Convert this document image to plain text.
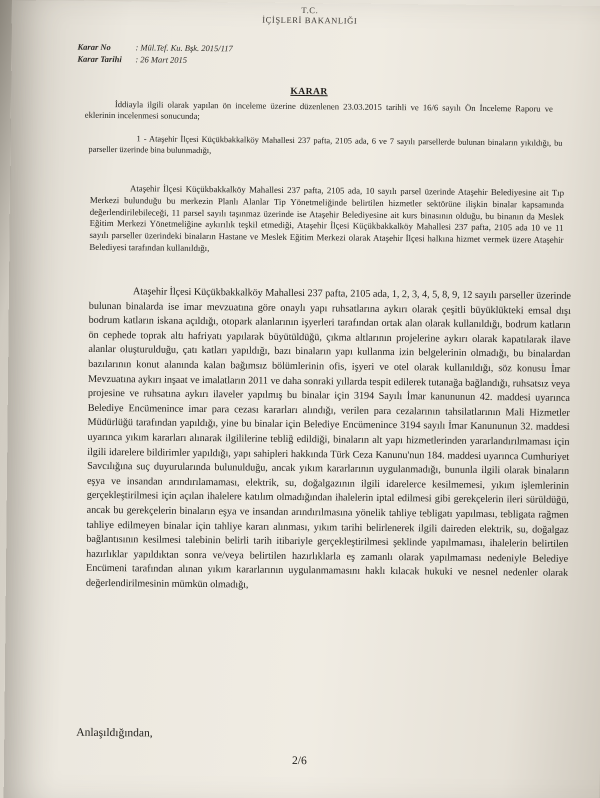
T.C.
İÇİŞLERİ BAKANLIĞI
Karar No	: Mül.Tef. Ku. Bşk. 2015/117
Karar Tarihi : 26 Mart 2015
KARAR
İddiayla ilgili olarak yapılan ön inceleme üzerine düzenlenen 23.03.2015 tarihli ve 16/6 sayılı Ön İnceleme Raporu ve eklerinin incelenmesi sonucunda;
1 - Ataşehir İlçesi Küçükbakkalköy Mahallesi 237 pafta, 2105 ada, 6 ve 7 sayılı parsellerde bulunan binaların yıkıldığı, bu parseller üzerinde bina bulunmadığı,
Ataşehir İlçesi Küçükbakkalköy Mahallesi 237 pafta, 2105 ada, 10 sayılı parsel üzerinde Ataşehir Belediyesine ait Tıp Merkezi bulunduğu bu merkezin Planlı Alanlar Tip Yönetmeliğinde belirtilen hizmetler sektörüne ilişkin binalar kapsamında değerlendirilebileceği, 11 parsel sayılı taşınmaz üzerinde ise Ataşehir Belediyesine ait kurs binasının olduğu, bu binanın da Meslek Eğitim Merkezi Yönetmeliğine aykırılık teşkil etmediği, Ataşehir İlçesi Küçükbakkalköy Mahallesi 237 pafta, 2105 ada 10 ve 11 sayılı parseller üzerindeki binaların Hastane ve Meslek Eğitim Merkezi olarak Ataşehir İlçesi halkına hizmet vermek üzere Ataşehir Belediyesi tarafından kullanıldığı,
Ataşehir İlçesi Küçükbakkalköy Mahallesi 237 pafta, 2105 ada, 1, 2, 3, 4, 5, 8, 9, 12 sayılı parseller üzerinde bulunan binalarda ise imar mevzuatına göre onaylı yapı ruhsatlarına aykırı olarak çeşitli büyüklükteki emsal dışı bodrum katların iskana açıldığı, otopark alanlarının işyerleri tarafından ortak alan olarak kullanıldığı, bodrum katların ön cephede toprak altı hafriyatı yapılarak büyütüldüğü, çıkma altlarının projelerine aykırı olarak kapatılarak ilave alanlar oluşturulduğu, çatı katları yapıldığı, bazı binaların yapı kullanma izin belgelerinin olmadığı, bu binalardan bazılarının konut alanında kalan bağımsız bölümlerinin ofis, işyeri ve otel olarak kullanıldığı, söz konusu İmar Mevzuatına aykırı inşaat ve imalatların 2011 ve daha sonraki yıllarda tespit edilerek tutanağa bağlandığı, ruhsatsız veya projesine ve ruhsatına aykırı ilaveler yapılmış bu binalar için 3194 Sayılı İmar kanununun 42. maddesi uyarınca Belediye Encümenince imar para cezası kararları alındığı, verilen para cezalarının tahsilatlarının Mali Hizmetler Müdürlüğü tarafından yapıldığı, yine bu binalar için Belediye Encümenince 3194 sayılı İmar Kanununun 32. maddesi uyarınca yıkım kararları alınarak ilgililerine tebliğ edildiği, binaların alt yapı hizmetlerinden yararlandırılmaması için ilgili idarelere bildirimler yapıldığı, yapı sahipleri hakkında Türk Ceza Kanunu'nun 184. maddesi uyarınca Cumhuriyet Savcılığına suç duyurularında bulunulduğu, ancak yıkım kararlarının uygulanmadığı, bununla ilgili olarak binaların eşya ve insandan arındırılamaması, elektrik, su, doğalgazının ilgili idarelerce kesilmemesi, yıkım işlemlerinin gerçekleştirilmesi için açılan ihalelere katılım olmadığından ihalelerin iptal edilmesi gibi gerekçelerin ileri sürüldüğü, ancak bu gerekçelerin binaların eşya ve insandan arındırılmasına yönelik tahliye tebligatı yapılması, tebligata rağmen tahliye edilmeyen binalar için tahliye kararı alınması, yıkım tarihi belirlenerek ilgili daireden elektrik, su, doğalgaz bağlantısının kesilmesi talebinin belirli tarih itibariyle gerçekleştirilmesi şeklinde yapılmaması, ihalelerin belirtilen hazırlıklar yapıldıktan sonra ve/veya belirtilen hazırlıklarla eş zamanlı olarak yapılmaması nedeniyle Belediye Encümeni tarafından alınan yıkım kararlarının uygulanmamasını haklı kılacak hukuki ve nesnel nedenler olarak değerlendirilmesinin mümkün olmadığı,
Anlaşıldığından,
2/6
